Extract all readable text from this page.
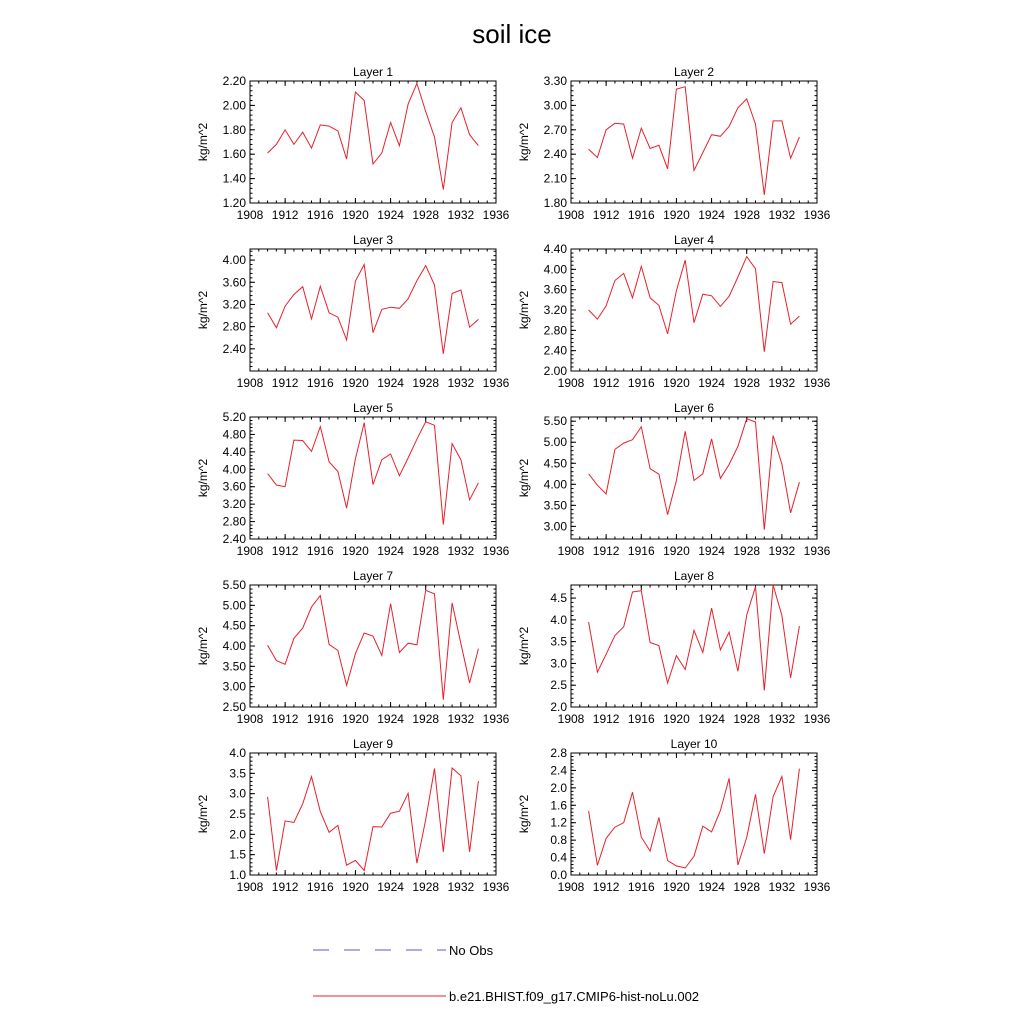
soil ice
Layer 1
1908 1912 1916 1920 1924 1928 1932 1936
1.20
1.40
1.60
1.80
2.00
2.20
kg/m^2
Layer 2
1908 1912 1916 1920 1924 1928 1932 1936
1.80
2.10
2.40
2.70
3.00
3.30
kg/m^2
Layer 3
1908 1912 1916 1920 1924 1928 1932 1936
2.40
2.80
3.20
3.60
4.00
kg/m^2
Layer 4
1908 1912 1916 1920 1924 1928 1932 1936
2.00
2.40
2.80
3.20
3.60
4.00
4.40
kg/m^2
Layer 5
1908 1912 1916 1920 1924 1928 1932 1936
2.40
2.80
3.20
3.60
4.00
4.40
4.80
5.20
kg/m^2
Layer 6
1908 1912 1916 1920 1924 1928 1932 1936
3.00
3.50
4.00
4.50
5.00
5.50
kg/m^2
Layer 7
1908 1912 1916 1920 1924 1928 1932 1936
2.50
3.00
3.50
4.00
4.50
5.00
5.50
kg/m^2
Layer 8
1908 1912 1916 1920 1924 1928 1932 1936
2.0
2.5
3.0
3.5
4.0
4.5
kg/m^2
Layer 9
1908 1912 1916 1920 1924 1928 1932 1936
1.0
1.5
2.0
2.5
3.0
3.5
4.0
kg/m^2
Layer 10
1908 1912 1916 1920 1924 1928 1932 1936
0.0
0.4
0.8
1.2
1.6
2.0
2.4
2.8
kg/m^2
No Obs
b.e21.BHIST.f09_g17.CMIP6-hist-noLu.002
